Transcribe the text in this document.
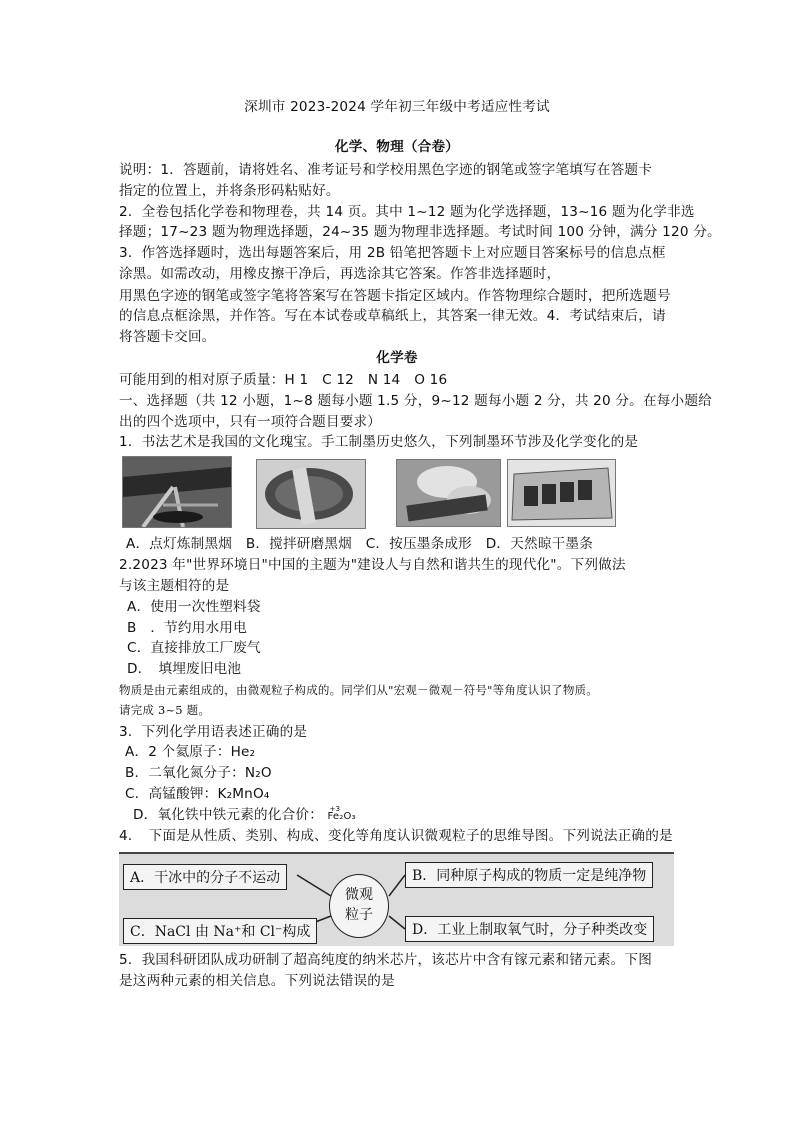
深圳市 2023-2024 学年初三年级中考适应性考试
化学、物理（合卷）
说明：1．答题前，请将姓名、准考证号和学校用黑色字迹的钢笔或签字笔填写在答题卡
指定的位置上，并将条形码粘贴好。
2．全卷包括化学卷和物理卷，共 14 页。其中 1~12 题为化学选择题，13~16 题为化学非选
择题；17~23 题为物理选择题，24~35 题为物理非选择题。考试时间 100 分钟，满分 120 分。
3．作答选择题时，选出每题答案后，用 2B 铅笔把答题卡上对应题目答案标号的信息点框
涂黑。如需改动，用橡皮擦干净后，再选涂其它答案。作答非选择题时，
用黑色字迹的钢笔或签字笔将答案写在答题卡指定区域内。作答物理综合题时，把所选题号
的信息点框涂黑，并作答。写在本试卷或草稿纸上，其答案一律无效。4．考试结束后，请
将答题卡交回。
化学卷
可能用到的相对原子质量：H 1　C 12　N 14　O 16
一、选择题（共 12 小题，1~8 题每小题 1.5 分，9~12 题每小题 2 分，共 20 分。在每小题给
出的四个选项中，只有一项符合题目要求）
1．书法艺术是我国的文化瑰宝。手工制墨历史悠久，下列制墨环节涉及化学变化的是
A．点灯炼制黑烟　B．搅拌研磨黑烟　C．按压墨条成形　D．天然晾干墨条
2.2023 年"世界环境日"中国的主题为"建设人与自然和谐共生的现代化"。下列做法
与该主题相符的是
A．使用一次性塑料袋
B　．节约用水用电
C．直接排放工厂废气
D．　填埋废旧电池
物质是由元素组成的，由微观粒子构成的。同学们从"宏观－微观－符号"等角度认识了物质。
请完成 3~5 题。
3．下列化学用语表述正确的是
A．2 个氦原子：He₂
B．二氧化氮分子：N₂O
C．高锰酸钾：K₂MnO₄
D．氧化铁中铁元素的化合价： +3
Fe₂O₃
4．　下面是从性质、类别、构成、变化等角度认识微观粒子的思维导图。下列说法正确的是
A．干冰中的分子不运动
C．NaCl 由 Na⁺和 Cl⁻构成
微观
粒子
B．同种原子构成的物质一定是纯净物
D．工业上制取氧气时，分子种类改变
5．我国科研团队成功研制了超高纯度的纳米芯片，该芯片中含有镓元素和锗元素。下图
是这两种元素的相关信息。下列说法错误的是
